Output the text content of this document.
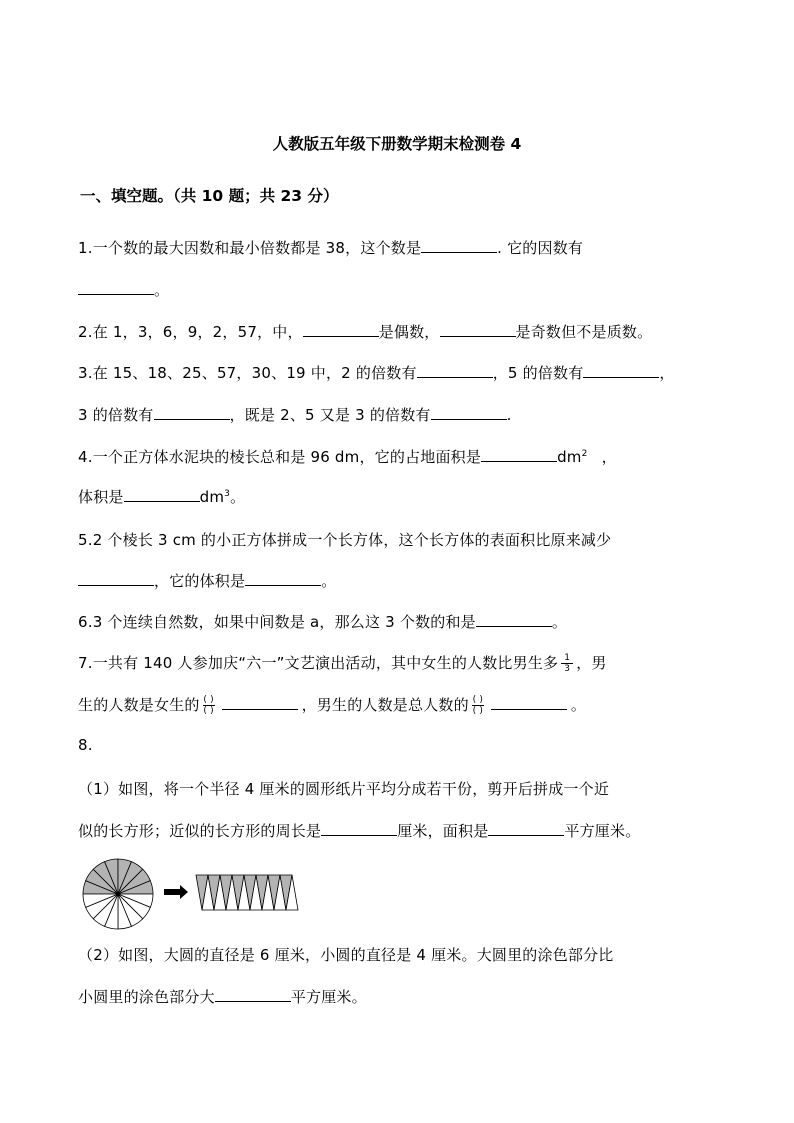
人教版五年级下册数学期末检测卷 4
一、填空题。（共 10 题；共 23 分）
1.一个数的最大因数和最小倍数都是 38，这个数是	. 它的因数有
。
2.在 1，3，6，9，2，57，中，	是偶数，	是奇数但不是质数。
3.在 15、18、25、57，30、19 中，2 的倍数有	，5 的倍数有	，
3 的倍数有	，既是 2、5 又是 3 的倍数有	.
4.一个正方体水泥块的棱长总和是 96 dm，它的占地面积是	$dm^2$ ，
体积是	$dm^3$。
5.2 个棱长 3 cm 的小正方体拼成一个长方体，这个长方体的表面积比原来减少
，它的体积是	。
6.3 个连续自然数，如果中间数是 a，那么这 3 个数的和是	。
7.一共有 140 人参加庆“六一”文艺演出活动，其中女生的人数比男生多 $\frac{1}{3}$ ，男
生的人数是女生的 $\frac{( )}{( )}$	，男生的人数是总人数的 $\frac{( )}{( )}$	。
8.
（1）如图，将一个半径 4 厘米的圆形纸片平均分成若干份，剪开后拼成一个近
似的长方形；近似的长方形的周长是	厘米，面积是	平方厘米。
（2）如图，大圆的直径是 6 厘米，小圆的直径是 4 厘米。大圆里的涂色部分比
小圆里的涂色部分大	平方厘米。
